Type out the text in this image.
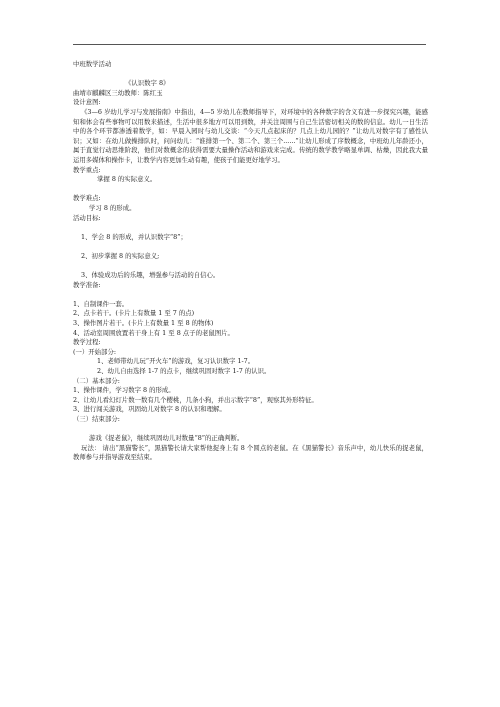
中班数学活动
《认识数字 8》
曲靖市麒麟区三幼教师：陈红玉
设计意图:
《3—6 岁幼儿学习与发展指南》中指出，4—5 岁幼儿在教师指导下，对环境中的各种数字的含义有进一步探究兴趣，能感知和体会有些事物可以用数来描述，生活中很多地方可以用到数，并关注周围与自己生活密切相关的数的信息。幼儿一日生活中的各个环节都渗透着数学，如：早晨入园时与幼儿交谈：“今天几点起床的？几点上幼儿园的？”让幼儿对数字有了感性认识；又如：在幼儿做操排队时，问问幼儿：“谁排第一个、第二个、第三个......”让幼儿形成了序数概念，中班幼儿年龄还小，属于直觉行动思维阶段，他们对数概念的获得需要大量操作活动和游戏来完成。传统的数学教学略显单调、枯燥，因此我大量运用多媒体和操作卡，让教学内容更加生动有趣，使孩子们能更好地学习。
教学重点:
掌握 8 的实际意义。
教学难点:
学习 8 的形成。
活动目标:
1、学会 8 的形成，并认识数字“8”；
2、初步掌握 8 的实际意义;
3、体验成功后的乐趣，增强参与活动的自信心。
教学准备:
1、自制课件一套。
2、点卡若干。(卡片上有数量 1 至 7 的点)
3、操作图片若干。(卡片上有数量 1 至 8 的物体)
4、活动室周围放置若干身上有 1 至 8 点子的老鼠图片。
教学过程:
(一）开始部分:
1、老师带幼儿玩“开火车”的游戏，复习认识数字 1-7。
2、幼儿自由选择 1-7 的点卡，继续巩固对数字 1-7 的认识。
（二）基本部分:
1、操作课件，学习数字 8 的形成。
2、让幼儿看幻灯片数一数有几个樱桃，几条小狗，并出示数字“8”，观察其外形特征。
3、进行闯关游戏，巩固幼儿对数字 8 的认识和理解。
（三）结束部分:
游戏《捉老鼠》，继续巩固幼儿对数量“8”的正确判断。
玩法： 请出“黑猫警长”，黑猫警长请大家帮他捉身上有 8 个圆点的老鼠。在《黑猫警长》音乐声中，幼儿快乐的捉老鼠，教师参与并指导游戏至结束。
